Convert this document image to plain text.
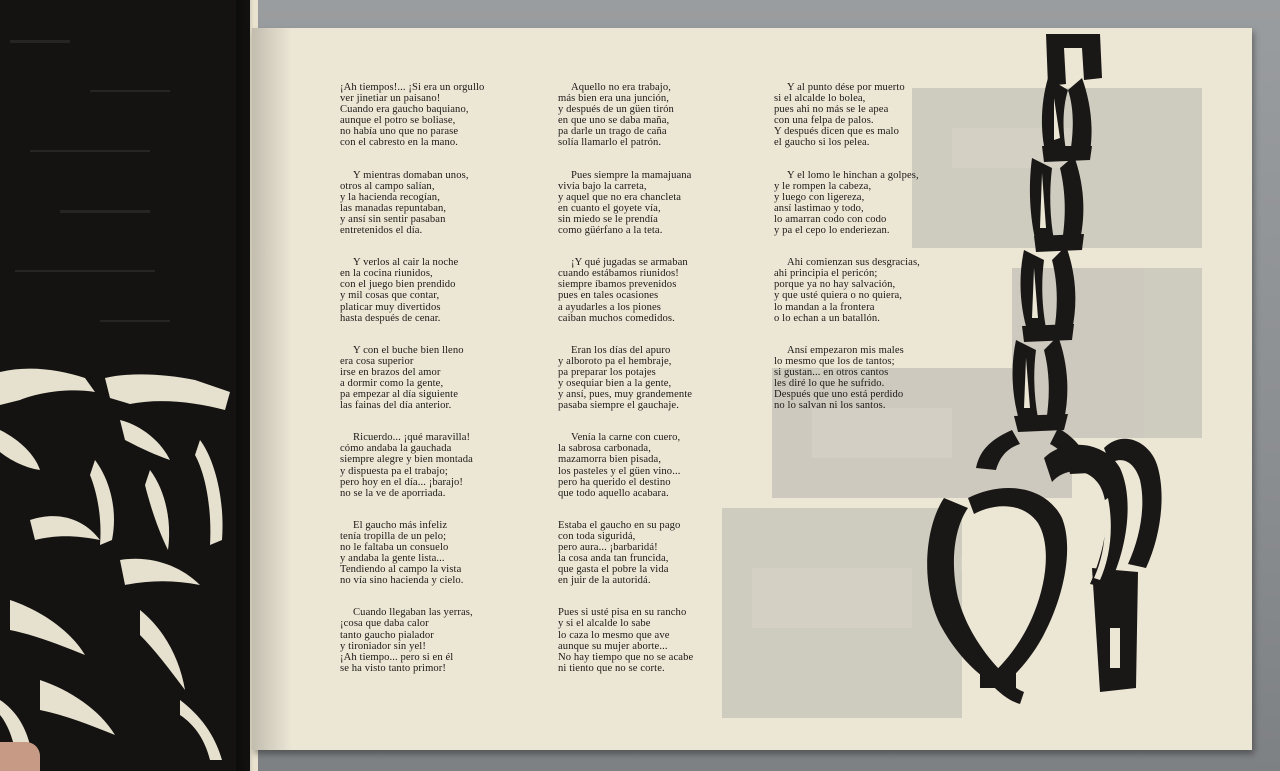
¡Ah tiempos!... ¡Si era un orgullo
ver jinetiar un paisano!
Cuando era gaucho baquiano,
aunque el potro se boliase,
no había uno que no parase
con el cabresto en la mano.
Y mientras domaban unos,
otros al campo salían,
y la hacienda recogían,
las manadas repuntaban,
y ansí sin sentir pasaban
entretenidos el día.
Y verlos al cair la noche
en la cocina riunidos,
con el juego bien prendido
y mil cosas que contar,
platicar muy divertidos
hasta después de cenar.
Y con el buche bien lleno
era cosa superior
irse en brazos del amor
a dormir como la gente,
pa empezar al día siguiente
las fainas del día anterior.
Ricuerdo... ¡qué maravilla!
cómo andaba la gauchada
siempre alegre y bien montada
y dispuesta pa el trabajo;
pero hoy en el día... ¡barajo!
no se la ve de aporriada.
El gaucho más infeliz
tenía tropilla de un pelo;
no le faltaba un consuelo
y andaba la gente lista...
Tendiendo al campo la vista
no vía sino hacienda y cielo.
Cuando llegaban las yerras,
¡cosa que daba calor
tanto gaucho pialador
y tironiador sin yel!
¡Ah tiempo... pero si en él
se ha visto tanto primor!
Aquello no era trabajo,
más bien era una junción,
y después de un güen tirón
en que uno se daba maña,
pa darle un trago de caña
solía llamarlo el patrón.
Pues siempre la mamajuana
vivía bajo la carreta,
y aquel que no era chancleta
en cuanto el goyete vía,
sin miedo se le prendía
como güérfano a la teta.
¡Y qué jugadas se armaban
cuando estábamos riunidos!
siempre íbamos prevenidos
pues en tales ocasiones
a ayudarles a los piones
caiban muchos comedidos.
Eran los días del apuro
y alboroto pa el hembraje,
pa preparar los potajes
y osequiar bien a la gente,
y ansí, pues, muy grandemente
pasaba siempre el gauchaje.
Venía la carne con cuero,
la sabrosa carbonada,
mazamorra bien pisada,
los pasteles y el güen vino...
pero ha querido el destino
que todo aquello acabara.
Estaba el gaucho en su pago
con toda siguridá,
pero aura... ¡barbaridá!
la cosa anda tan fruncida,
que gasta el pobre la vida
en juir de la autoridá.
Pues si usté pisa en su rancho
y si el alcalde lo sabe
lo caza lo mesmo que ave
aunque su mujer aborte...
No hay tiempo que no se acabe
ni tiento que no se corte.
Y al punto dése por muerto
si el alcalde lo bolea,
pues ahi no más se le apea
con una felpa de palos.
Y después dicen que es malo
el gaucho si los pelea.
Y el lomo le hinchan a golpes,
y le rompen la cabeza,
y luego con ligereza,
ansí lastimao y todo,
lo amarran codo con codo
y pa el cepo lo enderiezan.
Ahi comienzan sus desgracias,
ahi principia el pericón;
porque ya no hay salvación,
y que usté quiera o no quiera,
lo mandan a la frontera
o lo echan a un batallón.
Ansí empezaron mis males
lo mesmo que los de tantos;
si gustan... en otros cantos
les diré lo que he sufrido.
Después que uno está perdido
no lo salvan ni los santos.
